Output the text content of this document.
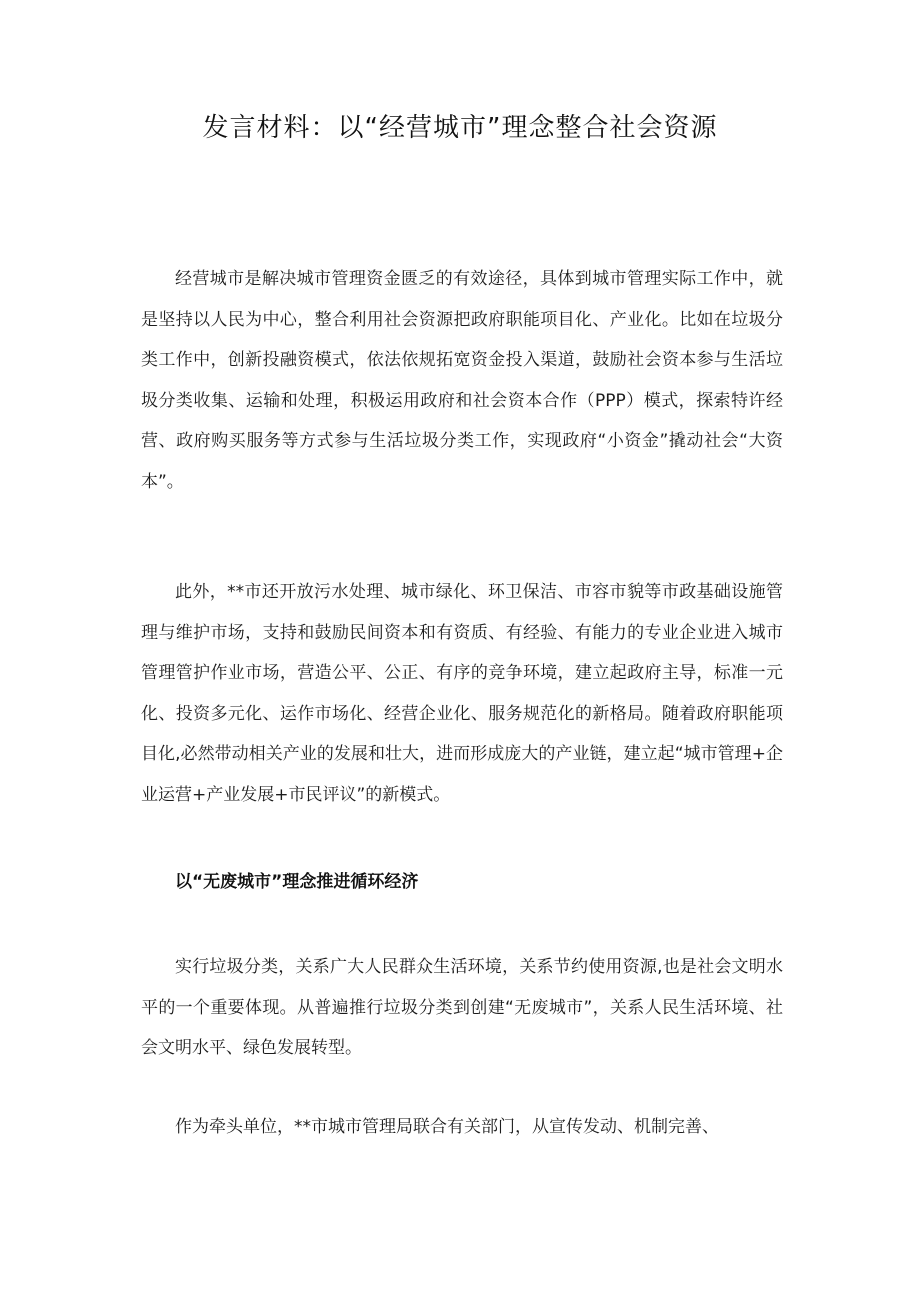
发言材料：以“经营城市”理念整合社会资源

经营城市是解决城市管理资金匮乏的有效途径，具体到城市管理实际工作中，就是坚持以人民为中心，整合利用社会资源把政府职能项目化、产业化。比如在垃圾分类工作中，创新投融资模式，依法依规拓宽资金投入渠道，鼓励社会资本参与生活垃圾分类收集、运输和处理，积极运用政府和社会资本合作（PPP）模式，探索特许经营、政府购买服务等方式参与生活垃圾分类工作，实现政府“小资金”撬动社会“大资本”。

此外，**市还开放污水处理、城市绿化、环卫保洁、市容市貌等市政基础设施管理与维护市场，支持和鼓励民间资本和有资质、有经验、有能力的专业企业进入城市管理管护作业市场，营造公平、公正、有序的竞争环境，建立起政府主导，标准一元化、投资多元化、运作市场化、经营企业化、服务规范化的新格局。随着政府职能项目化,必然带动相关产业的发展和壮大，进而形成庞大的产业链，建立起“城市管理+企业运营+产业发展+市民评议”的新模式。

以“无废城市”理念推进循环经济

实行垃圾分类，关系广大人民群众生活环境，关系节约使用资源,也是社会文明水平的一个重要体现。从普遍推行垃圾分类到创建“无废城市”，关系人民生活环境、社会文明水平、绿色发展转型。

作为牵头单位，**市城市管理局联合有关部门，从宣传发动、机制完善、
